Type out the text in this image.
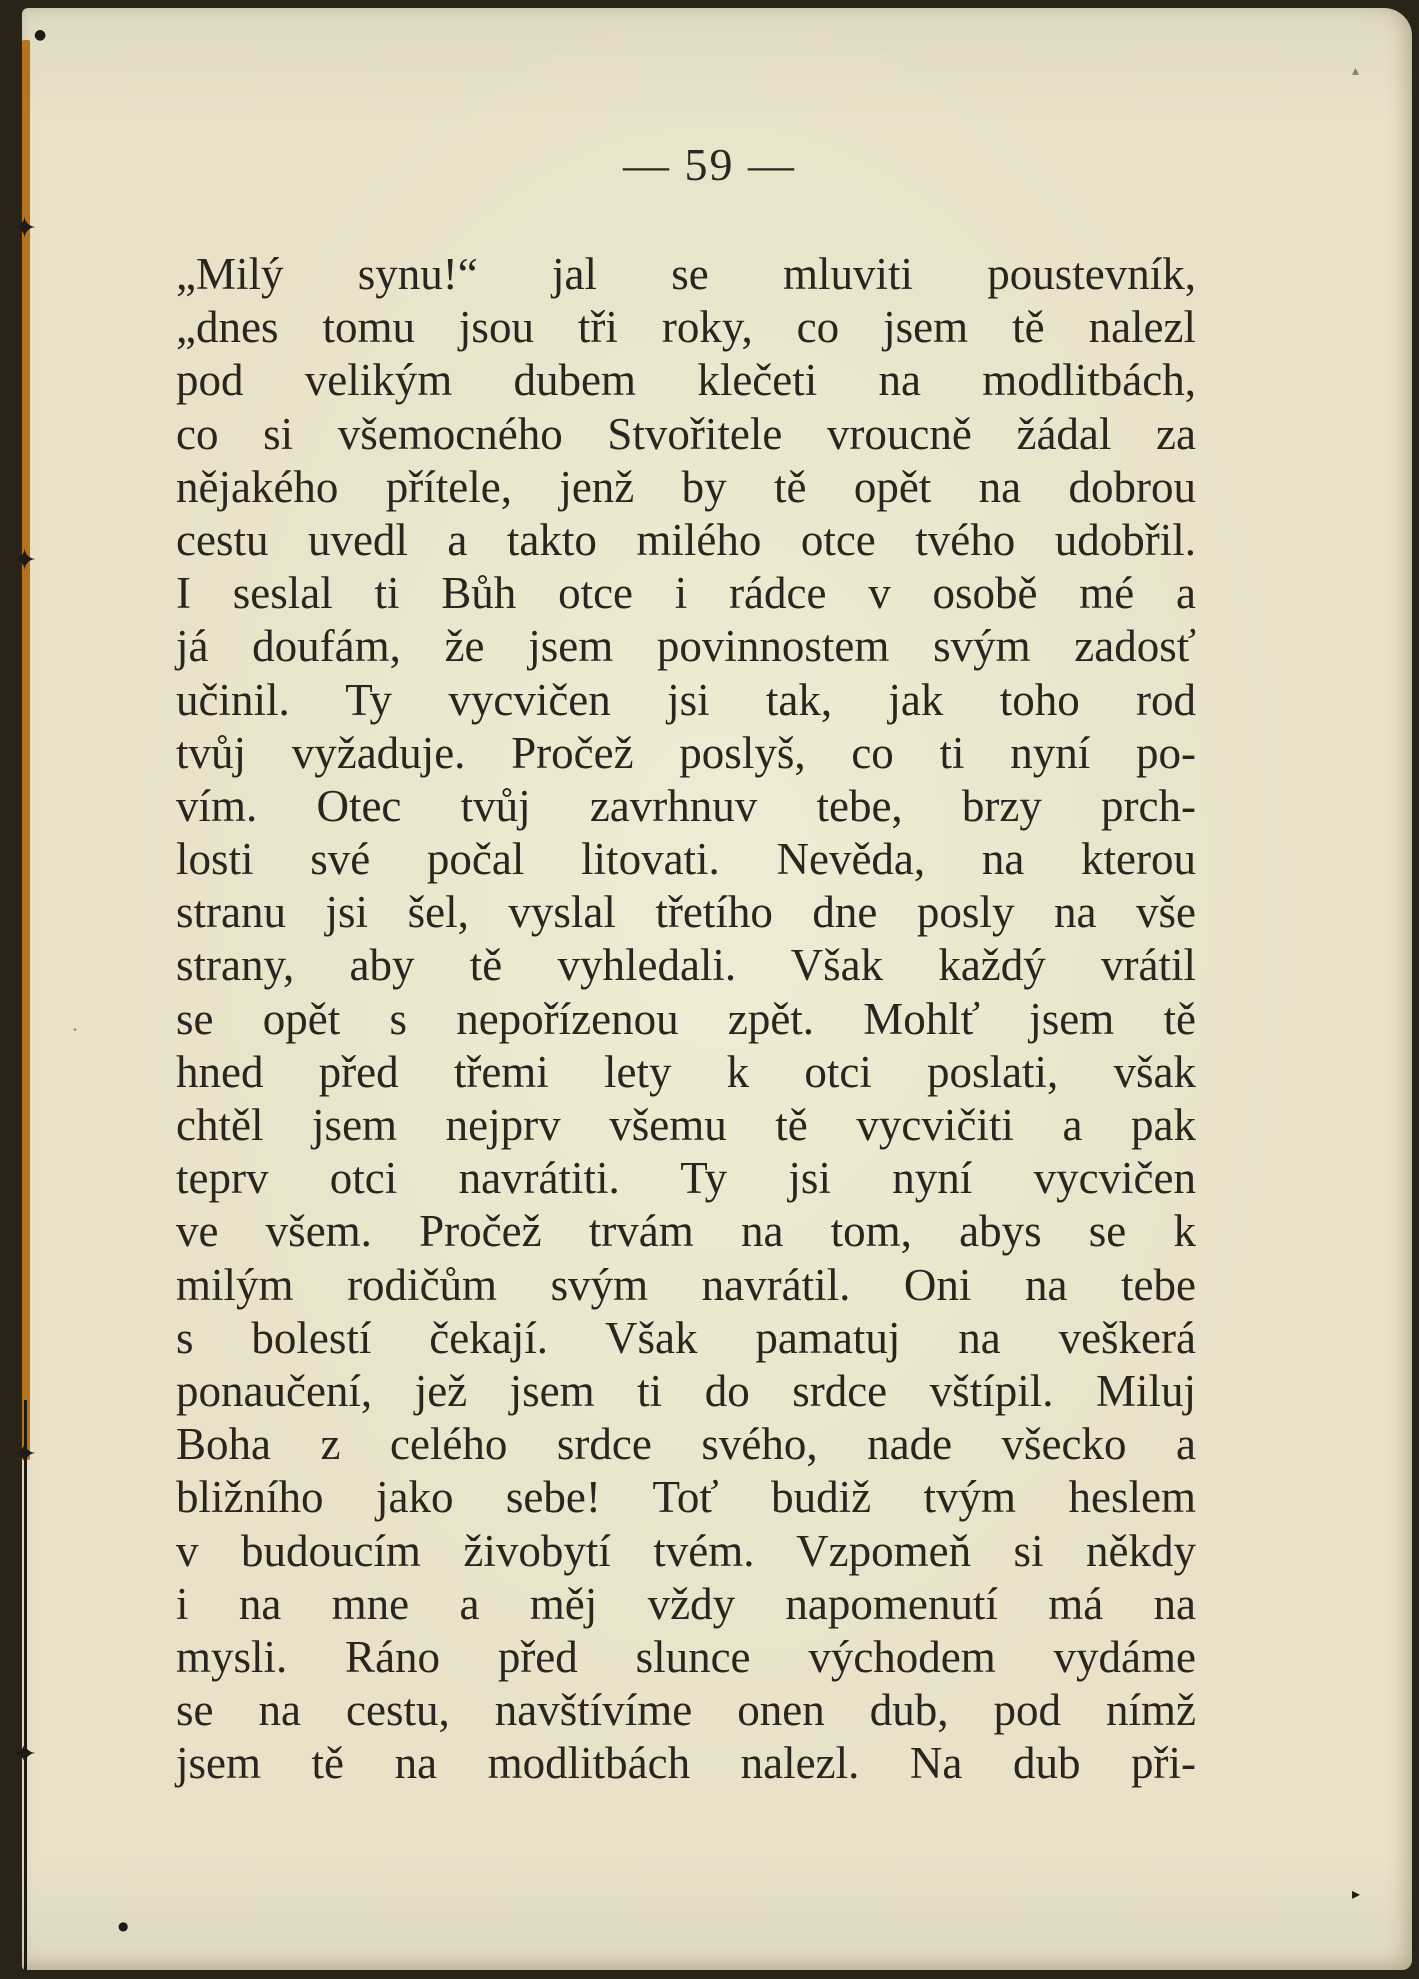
●
✦
✦
✦
✦
●
▴
▸
•
— 59 —
„Milý synu!“ jal se mluviti poustevník,
„dnes tomu jsou tři roky, co jsem tě nalezl
pod velikým dubem klečeti na modlitbách,
co si všemocného Stvořitele vroucně žádal za
nějakého přítele, jenž by tě opět na dobrou
cestu uvedl a takto milého otce tvého udobřil.
I seslal ti Bůh otce i rádce v osobě mé a
já doufám, že jsem povinnostem svým zadosť
učinil. Ty vycvičen jsi tak, jak toho rod
tvůj vyžaduje. Pročež poslyš, co ti nyní po-
vím. Otec tvůj zavrhnuv tebe, brzy prch-
losti své počal litovati. Nevěda, na kterou
stranu jsi šel, vyslal třetího dne posly na vše
strany, aby tě vyhledali. Však každý vrátil
se opět s nepořízenou zpět. Mohlť jsem tě
hned před třemi lety k otci poslati, však
chtěl jsem nejprv všemu tě vycvičiti a pak
teprv otci navrátiti. Ty jsi nyní vycvičen
ve všem. Pročež trvám na tom, abys se k
milým rodičům svým navrátil. Oni na tebe
s bolestí čekají. Však pamatuj na veškerá
ponaučení, jež jsem ti do srdce vštípil. Miluj
Boha z celého srdce svého, nade všecko a
bližního jako sebe! Toť budiž tvým heslem
v budoucím živobytí tvém. Vzpomeň si někdy
i na mne a měj vždy napomenutí má na
mysli. Ráno před slunce východem vydáme
se na cestu, navštívíme onen dub, pod nímž
jsem tě na modlitbách nalezl. Na dub při-
